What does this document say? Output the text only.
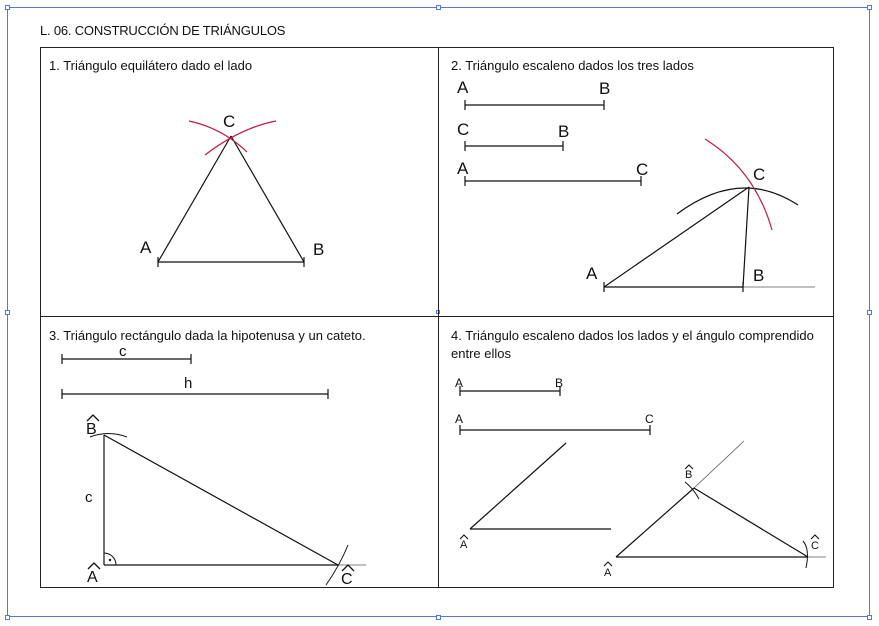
L. 06. CONSTRUCCIÓN DE TRIÁNGULOS
1. Triángulo equilátero dado el lado	2. Triángulo escaleno dados los tres lados
3. Triángulo rectángulo dada la hipotenusa y un cateto.	4. Triángulo escaleno dados los lados y el ángulo comprendido
entre ellos
A	B
C
A	B
C	B
A	C
A	B
C
c
h
c
B
A	C
A	B
A	C
A
B
A
C
